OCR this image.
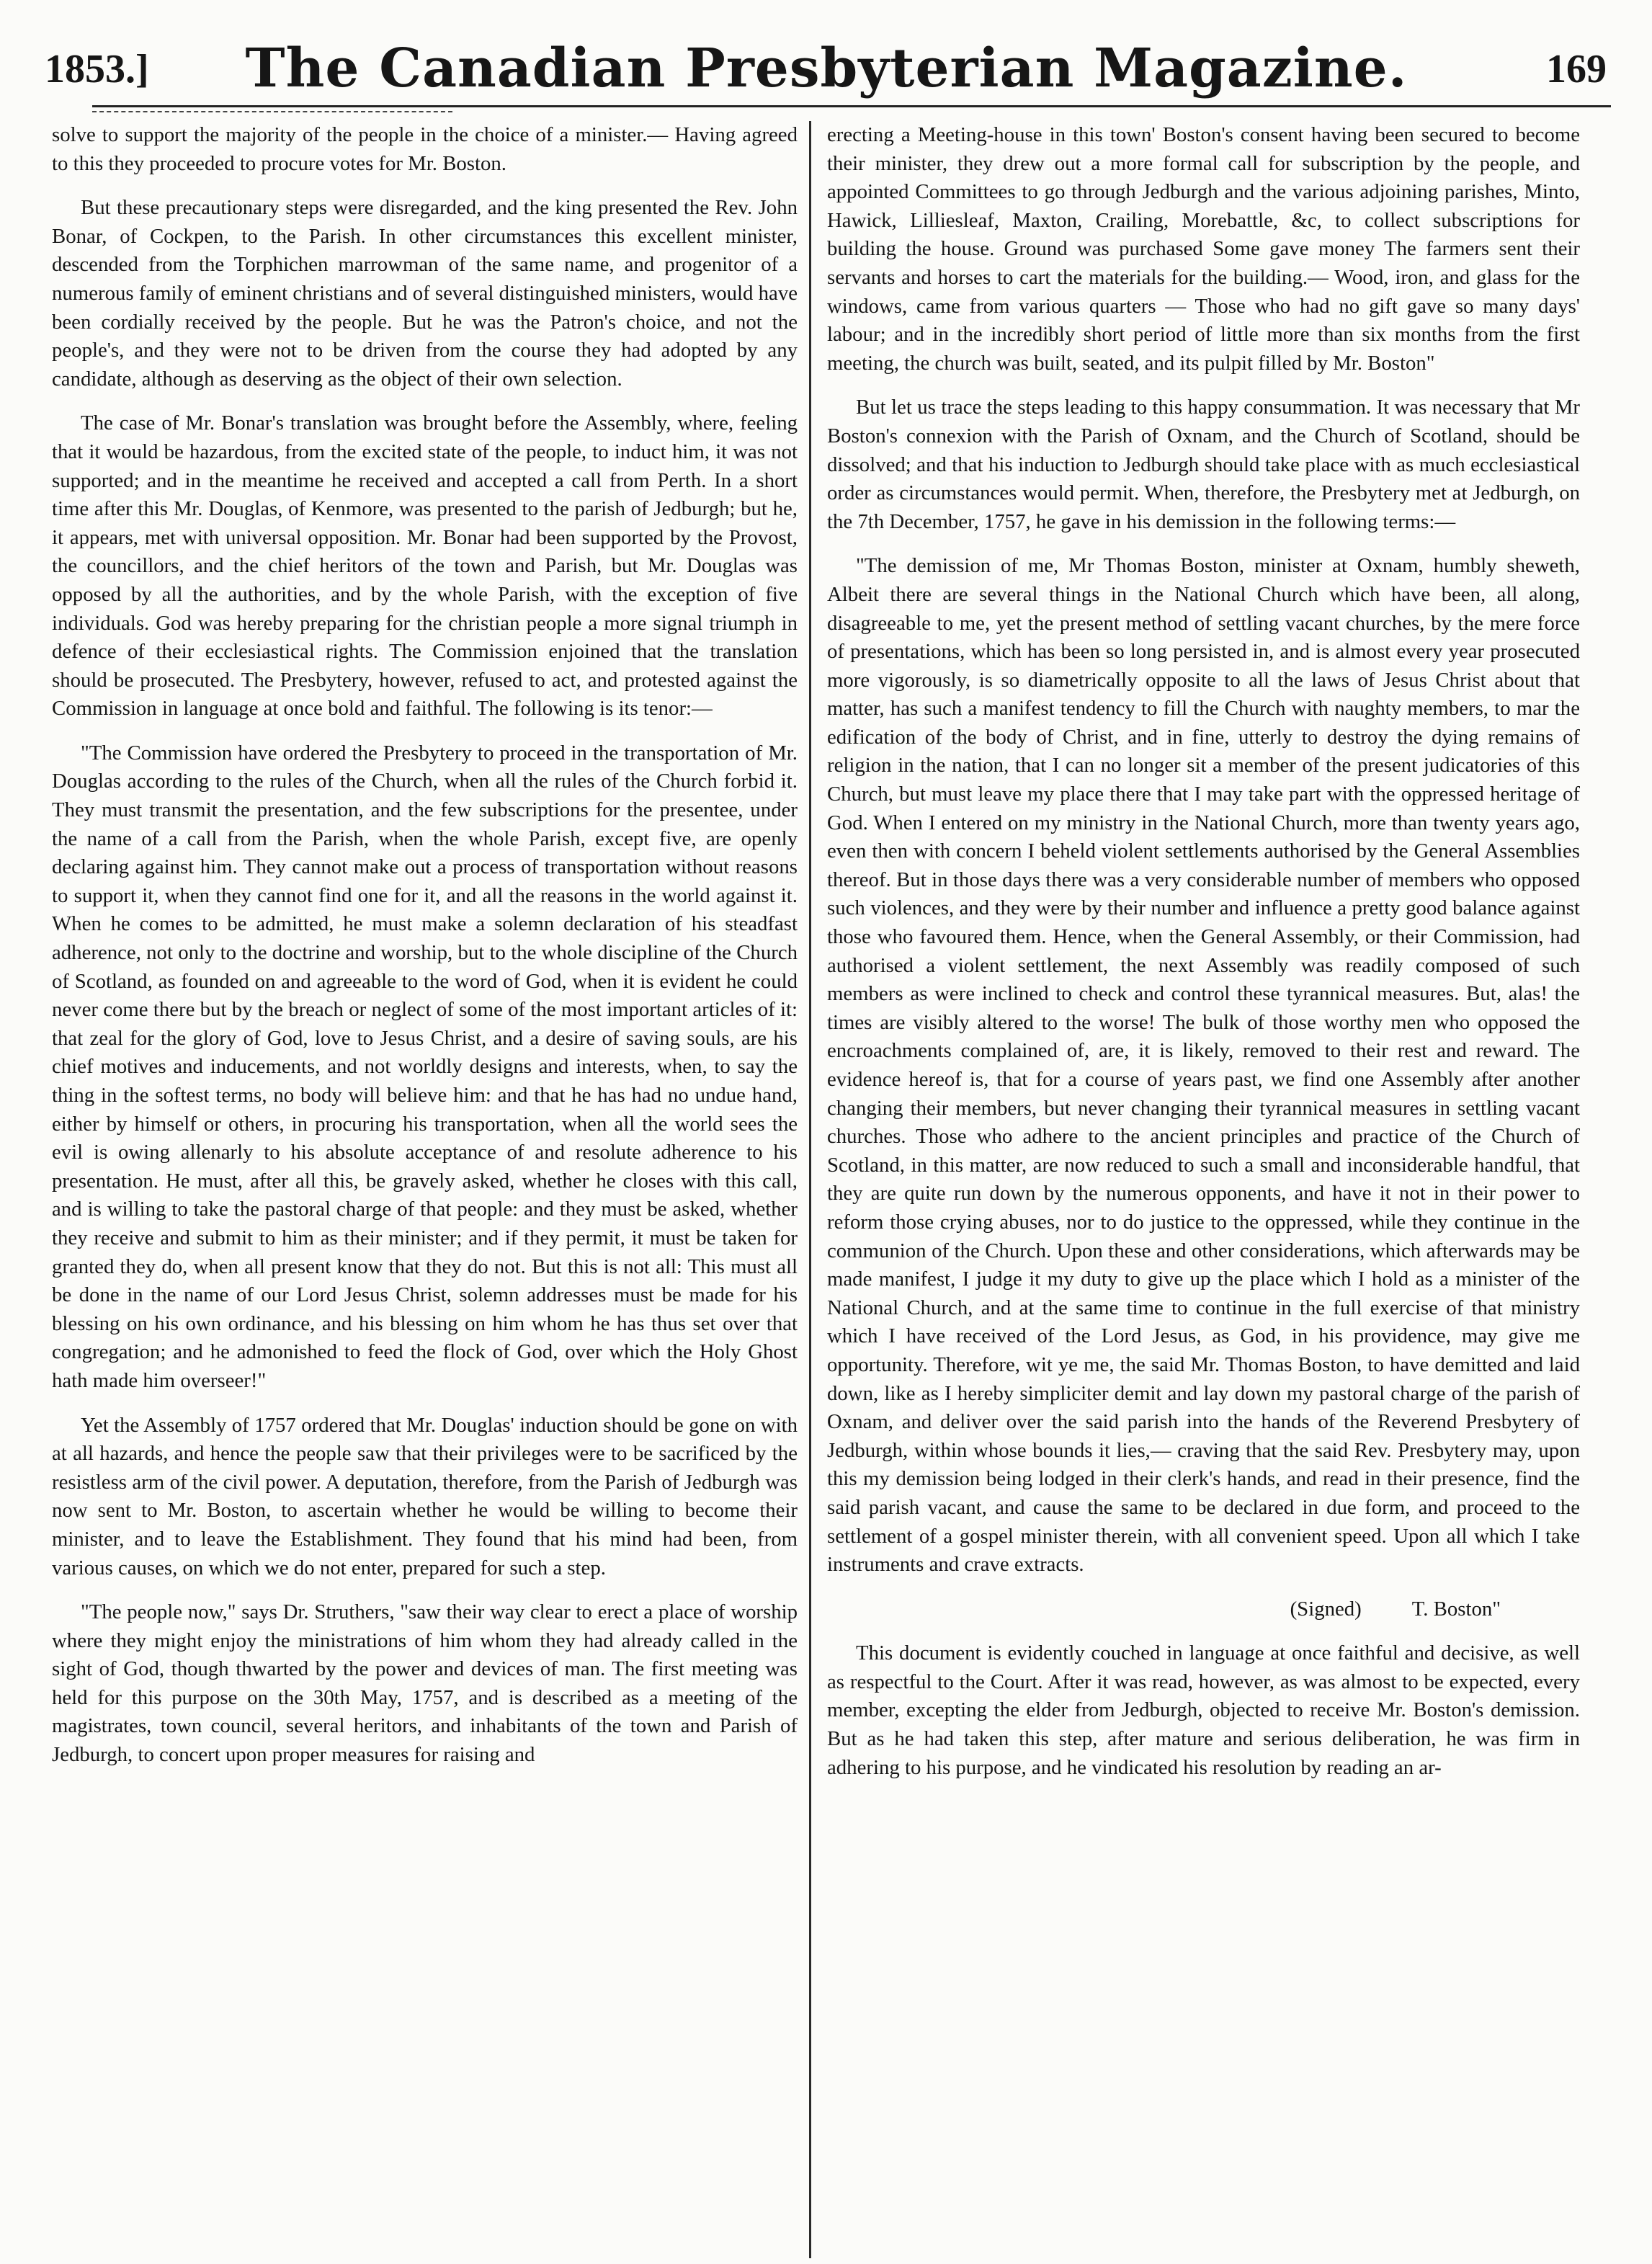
1853.]	The Canadian Presbyterian Magazine.	169

solve to support the majority of the people in the choice of a minister.— Having agreed to this they proceeded to procure votes for Mr. Boston.

But these precautionary steps were disregarded, and the king presented the Rev. John Bonar, of Cockpen, to the Parish. In other circumstances this excellent minister, descended from the Torphichen marrowman of the same name, and progenitor of a numerous family of eminent christians and of several distinguished ministers, would have been cordially received by the people. But he was the Patron's choice, and not the people's, and they were not to be driven from the course they had adopted by any candidate, although as deserving as the object of their own selection.

The case of Mr. Bonar's translation was brought before the Assembly, where, feeling that it would be hazardous, from the excited state of the people, to induct him, it was not supported; and in the meantime he received and accepted a call from Perth. In a short time after this Mr. Douglas, of Kenmore, was presented to the parish of Jedburgh; but he, it appears, met with universal opposition. Mr. Bonar had been supported by the Provost, the councillors, and the chief heritors of the town and Parish, but Mr. Douglas was opposed by all the authorities, and by the whole Parish, with the exception of five individuals. God was hereby preparing for the christian people a more signal triumph in defence of their ecclesiastical rights. The Commission enjoined that the translation should be prosecuted. The Presbytery, however, refused to act, and protested against the Commission in language at once bold and faithful. The following is its tenor:—

"The Commission have ordered the Presbytery to proceed in the transportation of Mr. Douglas according to the rules of the Church, when all the rules of the Church forbid it. They must transmit the presentation, and the few subscriptions for the presentee, under the name of a call from the Parish, when the whole Parish, except five, are openly declaring against him. They cannot make out a process of transportation without reasons to support it, when they cannot find one for it, and all the reasons in the world against it. When he comes to be admitted, he must make a solemn declaration of his steadfast adherence, not only to the doctrine and worship, but to the whole discipline of the Church of Scotland, as founded on and agreeable to the word of God, when it is evident he could never come there but by the breach or neglect of some of the most important articles of it: that zeal for the glory of God, love to Jesus Christ, and a desire of saving souls, are his chief motives and inducements, and not worldly designs and interests, when, to say the thing in the softest terms, no body will believe him: and that he has had no undue hand, either by himself or others, in procuring his transportation, when all the world sees the evil is owing allenarly to his absolute acceptance of and resolute adherence to his presentation. He must, after all this, be gravely asked, whether he closes with this call, and is willing to take the pastoral charge of that people: and they must be asked, whether they receive and submit to him as their minister; and if they permit, it must be taken for granted they do, when all present know that they do not. But this is not all: This must all be done in the name of our Lord Jesus Christ, solemn addresses must be made for his blessing on his own ordinance, and his blessing on him whom he has thus set over that congregation; and he admonished to feed the flock of God, over which the Holy Ghost hath made him overseer!"

Yet the Assembly of 1757 ordered that Mr. Douglas' induction should be gone on with at all hazards, and hence the people saw that their privileges were to be sacrificed by the resistless arm of the civil power. A deputation, therefore, from the Parish of Jedburgh was now sent to Mr. Boston, to ascertain whether he would be willing to become their minister, and to leave the Establishment. They found that his mind had been, from various causes, on which we do not enter, prepared for such a step.

"The people now," says Dr. Struthers, "saw their way clear to erect a place of worship where they might enjoy the ministrations of him whom they had already called in the sight of God, though thwarted by the power and devices of man. The first meeting was held for this purpose on the 30th May, 1757, and is described as a meeting of the magistrates, town council, several heritors, and inhabitants of the town and Parish of Jedburgh, to concert upon proper measures for raising and

erecting a Meeting-house in this town' Boston's consent having been secured to become their minister, they drew out a more formal call for subscription by the people, and appointed Committees to go through Jedburgh and the various adjoining parishes, Minto, Hawick, Lilliesleaf, Maxton, Crailing, Morebattle, &c, to collect subscriptions for building the house. Ground was purchased Some gave money The farmers sent their servants and horses to cart the materials for the building.— Wood, iron, and glass for the windows, came from various quarters — Those who had no gift gave so many days' labour; and in the incredibly short period of little more than six months from the first meeting, the church was built, seated, and its pulpit filled by Mr. Boston"

But let us trace the steps leading to this happy consummation. It was necessary that Mr Boston's connexion with the Parish of Oxnam, and the Church of Scotland, should be dissolved; and that his induction to Jedburgh should take place with as much ecclesiastical order as circumstances would permit. When, therefore, the Presbytery met at Jedburgh, on the 7th December, 1757, he gave in his demission in the following terms:—

"The demission of me, Mr Thomas Boston, minister at Oxnam, humbly sheweth, Albeit there are several things in the National Church which have been, all along, disagreeable to me, yet the present method of settling vacant churches, by the mere force of presentations, which has been so long persisted in, and is almost every year prosecuted more vigorously, is so diametrically opposite to all the laws of Jesus Christ about that matter, has such a manifest tendency to fill the Church with naughty members, to mar the edification of the body of Christ, and in fine, utterly to destroy the dying remains of religion in the nation, that I can no longer sit a member of the present judicatories of this Church, but must leave my place there that I may take part with the oppressed heritage of God. When I entered on my ministry in the National Church, more than twenty years ago, even then with concern I beheld violent settlements authorised by the General Assemblies thereof. But in those days there was a very considerable number of members who opposed such violences, and they were by their number and influence a pretty good balance against those who favoured them. Hence, when the General Assembly, or their Commission, had authorised a violent settlement, the next Assembly was readily composed of such members as were inclined to check and control these tyrannical measures. But, alas! the times are visibly altered to the worse! The bulk of those worthy men who opposed the encroachments complained of, are, it is likely, removed to their rest and reward. The evidence hereof is, that for a course of years past, we find one Assembly after another changing their members, but never changing their tyrannical measures in settling vacant churches. Those who adhere to the ancient principles and practice of the Church of Scotland, in this matter, are now reduced to such a small and inconsiderable handful, that they are quite run down by the numerous opponents, and have it not in their power to reform those crying abuses, nor to do justice to the oppressed, while they continue in the communion of the Church. Upon these and other considerations, which afterwards may be made manifest, I judge it my duty to give up the place which I hold as a minister of the National Church, and at the same time to continue in the full exercise of that ministry which I have received of the Lord Jesus, as God, in his providence, may give me opportunity. Therefore, wit ye me, the said Mr. Thomas Boston, to have demitted and laid down, like as I hereby simpliciter demit and lay down my pastoral charge of the parish of Oxnam, and deliver over the said parish into the hands of the Reverend Presbytery of Jedburgh, within whose bounds it lies,— craving that the said Rev. Presbytery may, upon this my demission being lodged in their clerk's hands, and read in their presence, find the said parish vacant, and cause the same to be declared in due form, and proceed to the settlement of a gospel minister therein, with all convenient speed. Upon all which I take instruments and crave extracts.

(Signed) T. Boston"

This document is evidently couched in language at once faithful and decisive, as well as respectful to the Court. After it was read, however, as was almost to be expected, every member, excepting the elder from Jedburgh, objected to receive Mr. Boston's demission. But as he had taken this step, after mature and serious deliberation, he was firm in adhering to his purpose, and he vindicated his resolution by reading an ar-
